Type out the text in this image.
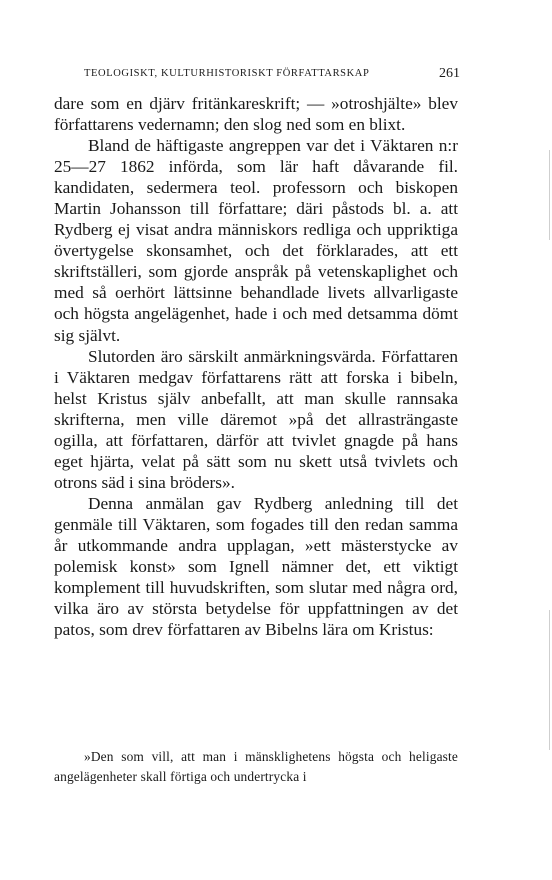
TEOLOGISKT, KULTURHISTORISKT FÖRFATTARSKAP	261

dare som en djärv fritänkareskrift; — »otroshjälte» blev författarens vedernamn; den slog ned som en blixt.

Bland de häftigaste angreppen var det i Väktaren n:r 25—27 1862 införda, som lär haft dåvarande fil. kandidaten, sedermera teol. professorn och biskopen Martin Johansson till författare; däri påstods bl. a. att Rydberg ej visat andra människors redliga och uppriktiga övertygelse skonsamhet, och det förklarades, att ett skriftställeri, som gjorde anspråk på vetenskaplighet och med så oerhört lättsinne behandlade livets allvarligaste och högsta angelägenhet, hade i och med detsamma dömt sig självt.

Slutorden äro särskilt anmärkningsvärda. Författaren i Väktaren medgav författarens rätt att forska i bibeln, helst Kristus själv anbefallt, att man skulle rannsaka skrifterna, men ville däremot »på det allrasträngaste ogilla, att författaren, därför att tvivlet gnagde på hans eget hjärta, velat på sätt som nu skett utså tvivlets och otrons säd i sina bröders».

Denna anmälan gav Rydberg anledning till det genmäle till Väktaren, som fogades till den redan samma år utkommande andra upplagan, »ett mästerstycke av polemisk konst» som Ignell nämner det, ett viktigt komplement till huvudskriften, som slutar med några ord, vilka äro av största betydelse för uppfattningen av det patos, som drev författaren av Bibelns lära om Kristus:

»Den som vill, att man i mänsklighetens högsta och heligaste angelägenheter skall förtiga och undertrycka i
